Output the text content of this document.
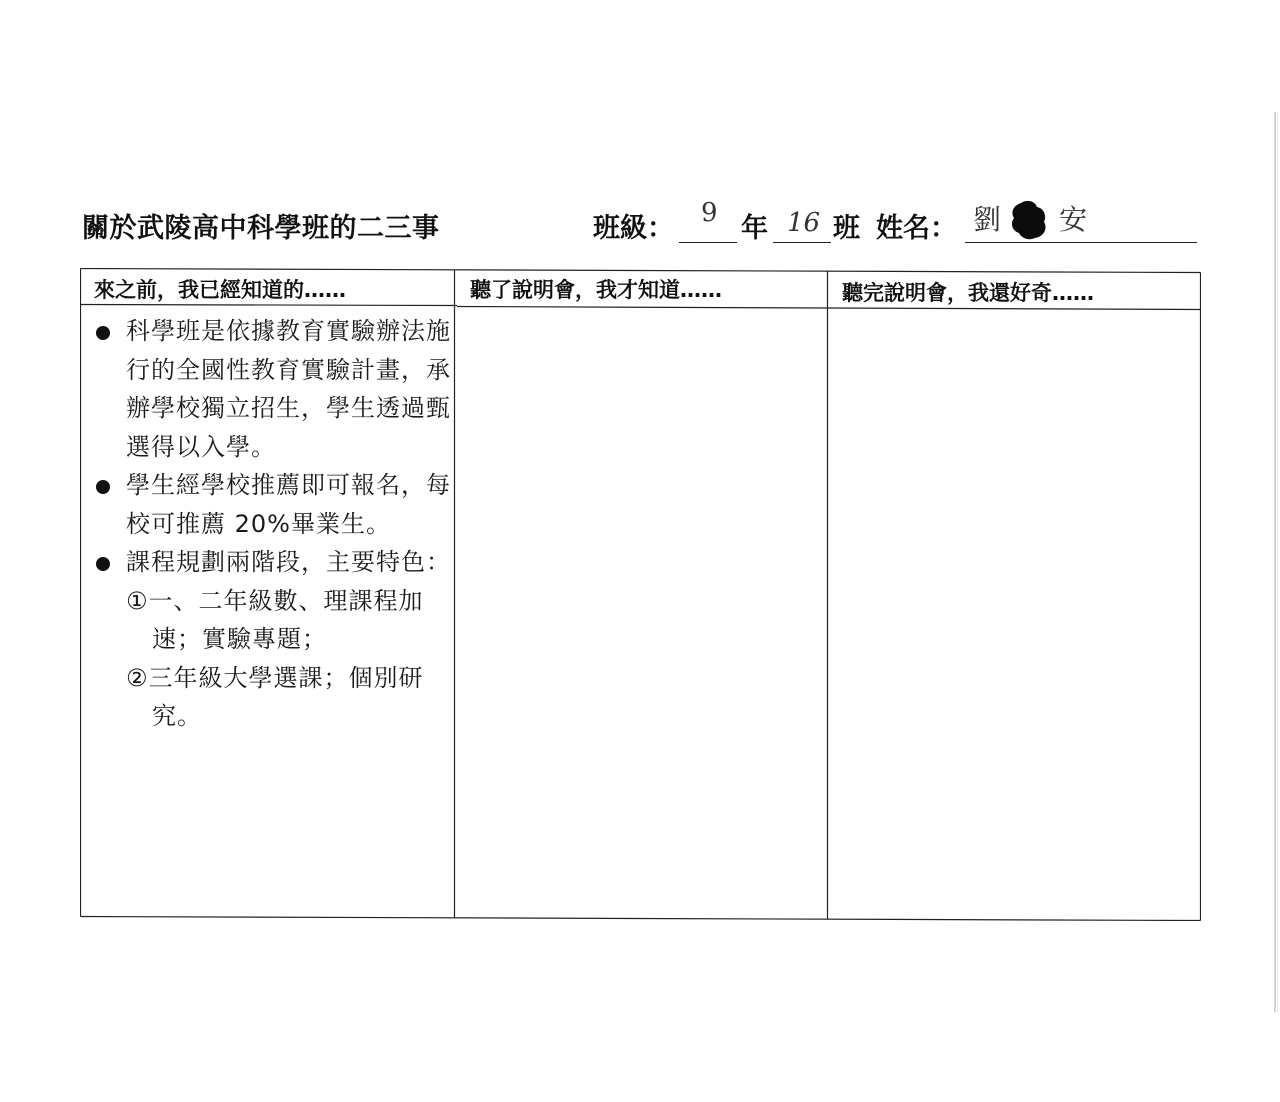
關於武陵高中科學班的二三事	班級： 9 年 16 班 姓名： 劉 安
來之前，我已經知道的……	聽了說明會，我才知道……	聽完說明會，我還好奇……
科學班是依據教育實驗辦法施行的全國性教育實驗計畫，承辦學校獨立招生，學生透過甄選得以入學。
學生經學校推薦即可報名，每校可推薦 20%畢業生。
課程規劃兩階段，主要特色：
①一、二年級數、理課程加速；實驗專題；
②三年級大學選課；個別研究。
